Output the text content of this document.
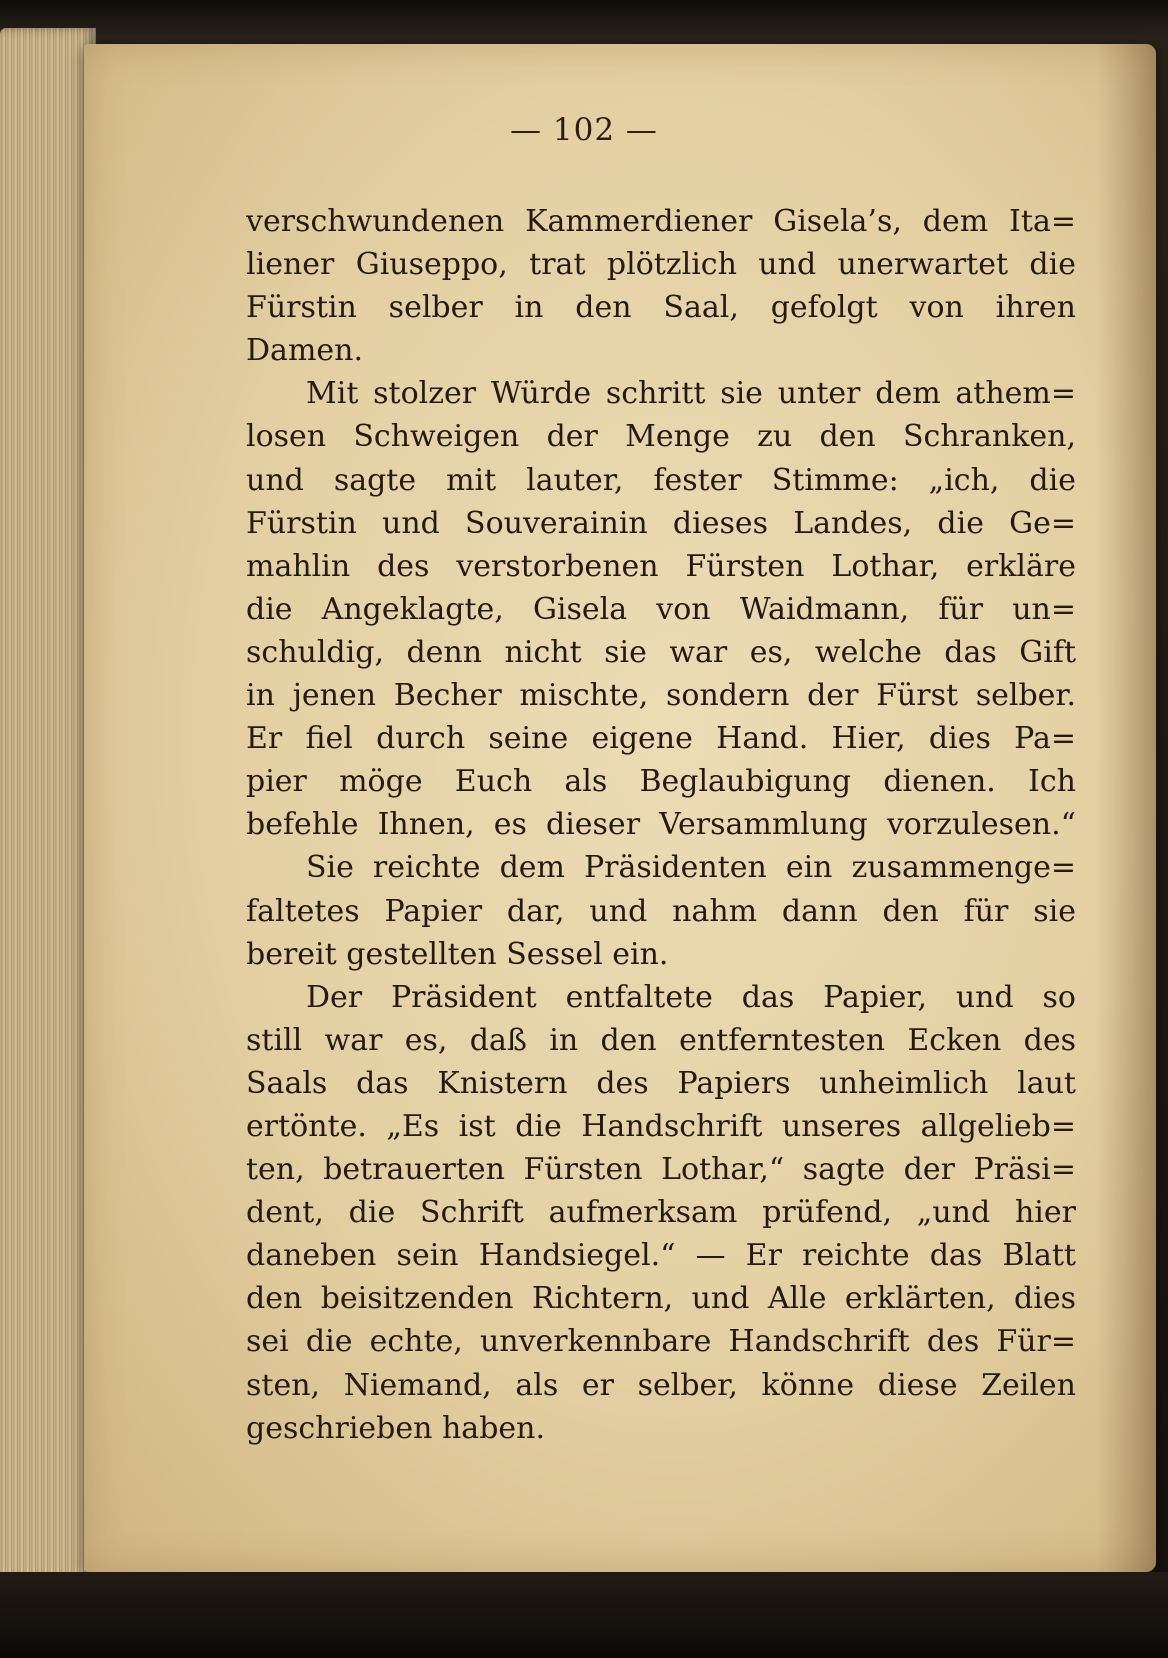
— 102 —
verschwundenen Kammerdiener Gisela’s, dem Ita=
liener Giuseppo, trat plötzlich und unerwartet die
Fürstin selber in den Saal, gefolgt von ihren
Damen.
Mit stolzer Würde schritt sie unter dem athem=
losen Schweigen der Menge zu den Schranken,
und sagte mit lauter, fester Stimme: „ich, die
Fürstin und Souverainin dieses Landes, die Ge=
mahlin des verstorbenen Fürsten Lothar, erkläre
die Angeklagte, Gisela von Waidmann, für un=
schuldig, denn nicht sie war es, welche das Gift
in jenen Becher mischte, sondern der Fürst selber.
Er fiel durch seine eigene Hand. Hier, dies Pa=
pier möge Euch als Beglaubigung dienen. Ich
befehle Ihnen, es dieser Versammlung vorzulesen.“
Sie reichte dem Präsidenten ein zusammenge=
faltetes Papier dar, und nahm dann den für sie
bereit gestellten Sessel ein.
Der Präsident entfaltete das Papier, und so
still war es, daß in den entferntesten Ecken des
Saals das Knistern des Papiers unheimlich laut
ertönte. „Es ist die Handschrift unseres allgelieb=
ten, betrauerten Fürsten Lothar,“ sagte der Präsi=
dent, die Schrift aufmerksam prüfend, „und hier
daneben sein Handsiegel.“ — Er reichte das Blatt
den beisitzenden Richtern, und Alle erklärten, dies
sei die echte, unverkennbare Handschrift des Für=
sten, Niemand, als er selber, könne diese Zeilen
geschrieben haben.
